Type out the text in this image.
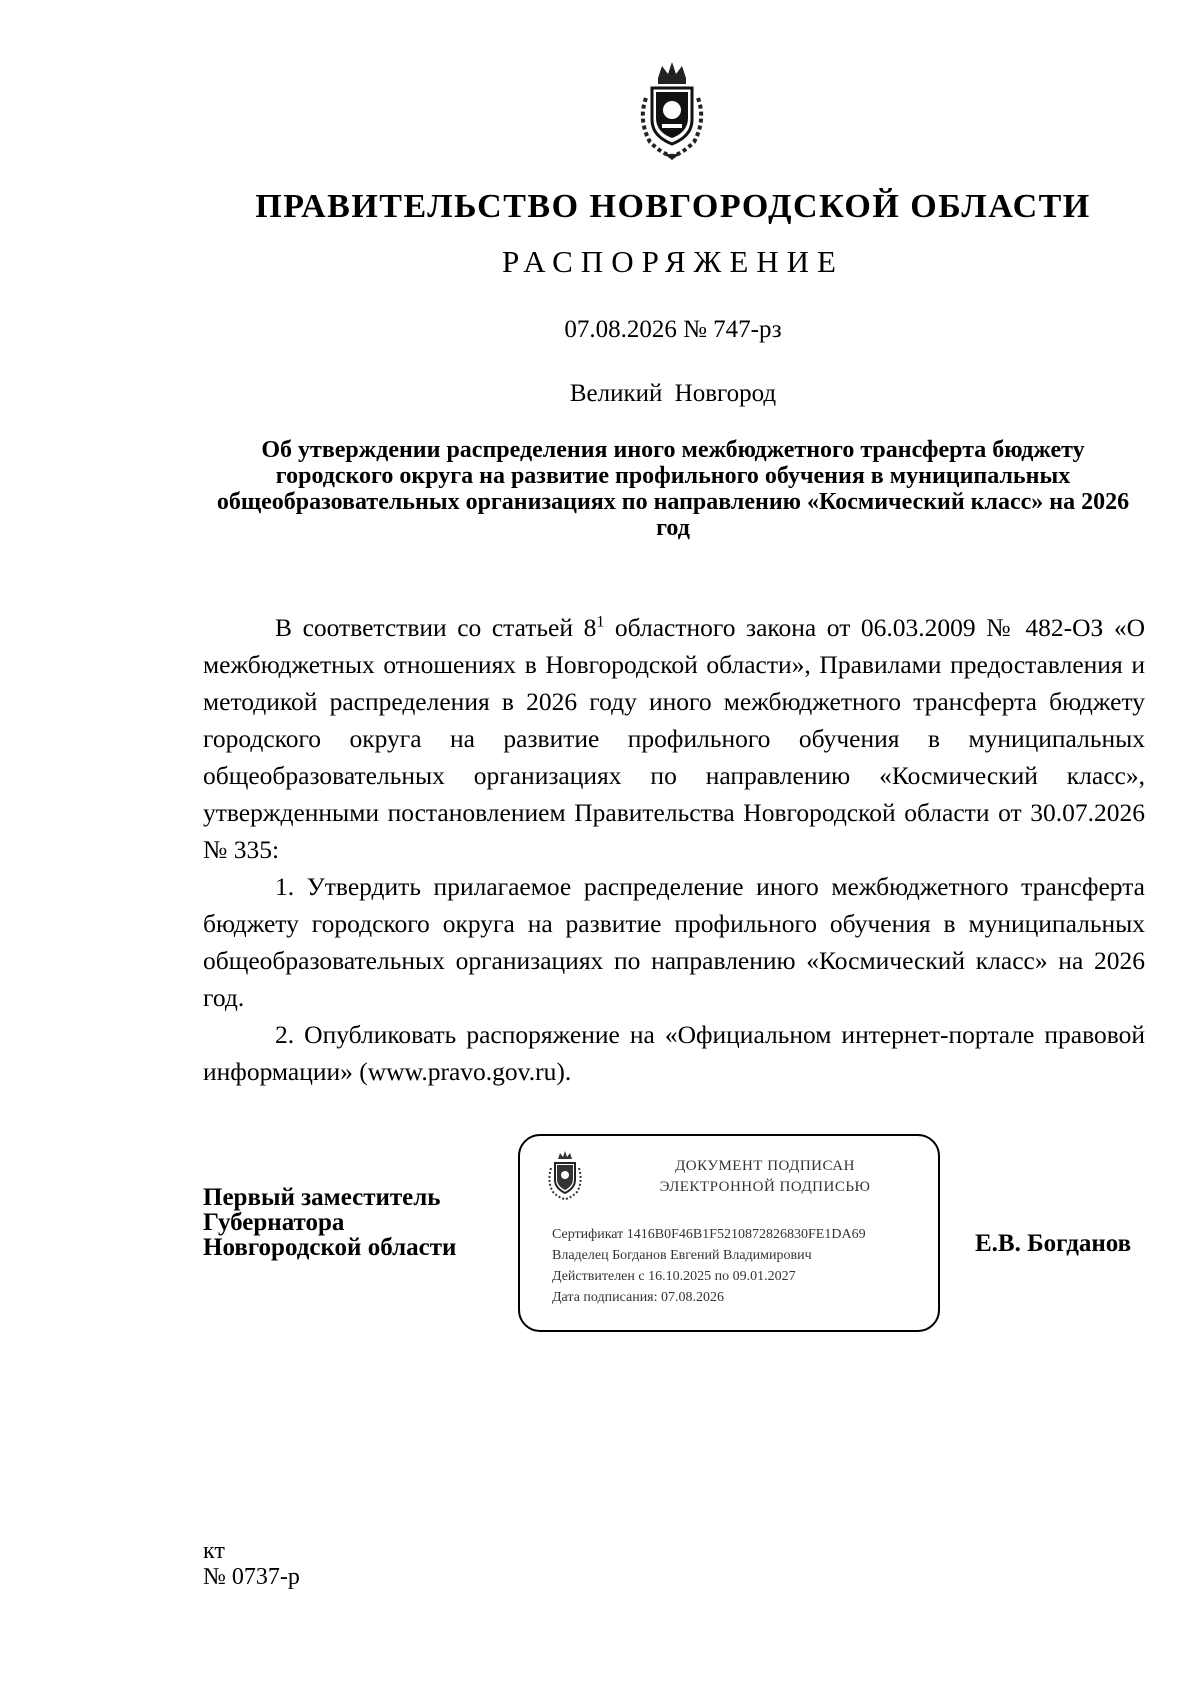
ПРАВИТЕЛЬСТВО НОВГОРОДСКОЙ ОБЛАСТИ
РАСПОРЯЖЕНИЕ
07.08.2026 № 747-рз
Великий Новгород
Об утверждении распределения иного межбюджетного трансферта бюджету городского округа на развитие профильного обучения в муниципальных общеобразовательных организациях по направлению «Космический класс» на 2026 год

В соответствии со статьей $8^1$ областного закона от 06.03.2009 № 482-ОЗ «О межбюджетных отношениях в Новгородской области», Правилами предоставления и методикой распределения в 2026 году иного межбюджетного трансферта бюджету городского округа на развитие профильного обучения в муниципальных общеобразовательных организациях по направлению «Космический класс», утвержденными постановлением Правительства Новгородской области от 30.07.2026 № 335:

1. Утвердить прилагаемое распределение иного межбюджетного трансферта бюджету городского округа на развитие профильного обучения в муниципальных общеобразовательных организациях по направлению «Космический класс» на 2026 год.

2. Опубликовать распоряжение на «Официальном интернет-портале правовой информации» (www.pravo.gov.ru).

Первый заместитель
Губернатора
Новгородской области
ДОКУМЕНТ ПОДПИСАН
ЭЛЕКТРОННОЙ ПОДПИСЬЮ
Сертификат 1416B0F46B1F5210872826830FE1DA69
Владелец Богданов Евгений Владимирович
Действителен с 16.10.2025 по 09.01.2027
Дата подписания: 07.08.2026
Е.В. Богданов
кт
№ 0737-р
